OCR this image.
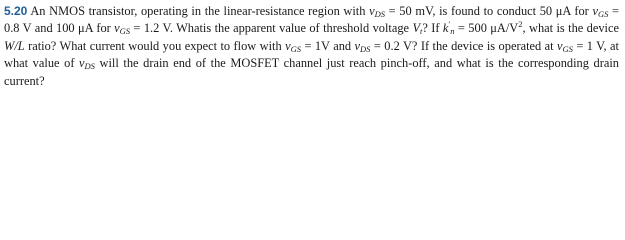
5.20 An NMOS transistor, operating in the linear-resistance region with $v_{DS} = 50$ mV, is found to conduct 50 μA for $v_{GS} = 0.8$ V and 100 μA for $v_{GS} = 1.2$ V. Whatis the apparent value of threshold voltage $V_t$? If $k'_n = 500$ $\mu A/V^2$, what is the device W/L ratio? What current would you expect to flow with $v_{GS} = 1V$ and $v_{DS} = 0.2$ V? If the device is operated at $v_{GS} = 1$ V, at what value of $v_{DS}$ will the drain end of the MOSFET channel just reach pinch-off, and what is the corresponding drain current?
